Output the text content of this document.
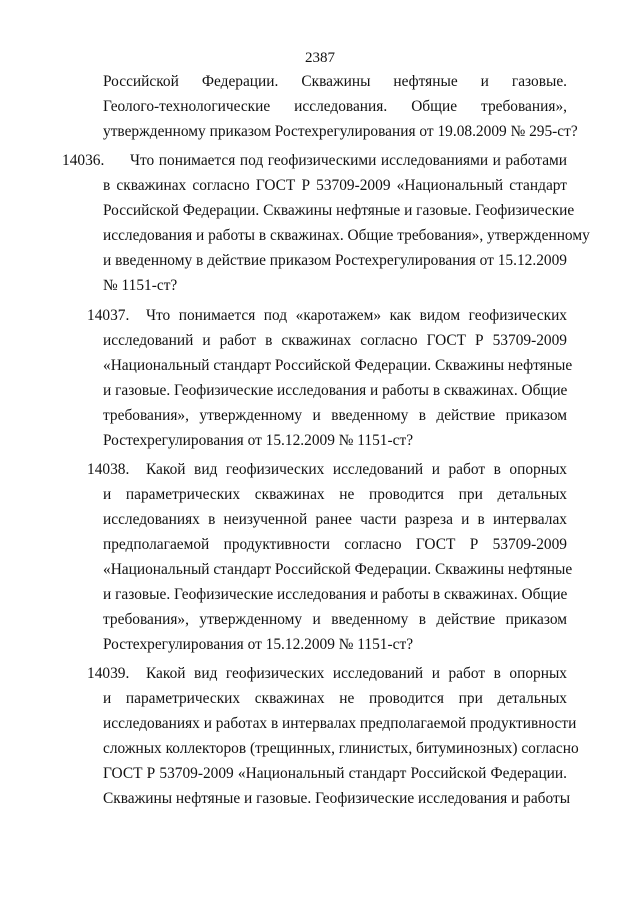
2387
Российской Федерации. Скважины нефтяные и газовые.
Геолого-технологические исследования. Общие требования»,
утвержденному приказом Ростехрегулирования от 19.08.2009 № 295-ст?
14036. Что понимается под геофизическими исследованиями и работами
в скважинах согласно ГОСТ Р 53709-2009 «Национальный стандарт
Российской Федерации. Скважины нефтяные и газовые. Геофизические
исследования и работы в скважинах. Общие требования», утвержденному
и введенному в действие приказом Ростехрегулирования от 15.12.2009
№ 1151-ст?
14037. Что понимается под «каротажем» как видом геофизических
исследований и работ в скважинах согласно ГОСТ Р 53709-2009
«Национальный стандарт Российской Федерации. Скважины нефтяные
и газовые. Геофизические исследования и работы в скважинах. Общие
требования», утвержденному и введенному в действие приказом
Ростехрегулирования от 15.12.2009 № 1151-ст?
14038. Какой вид геофизических исследований и работ в опорных
и параметрических скважинах не проводится при детальных
исследованиях в неизученной ранее части разреза и в интервалах
предполагаемой продуктивности согласно ГОСТ Р 53709-2009
«Национальный стандарт Российской Федерации. Скважины нефтяные
и газовые. Геофизические исследования и работы в скважинах. Общие
требования», утвержденному и введенному в действие приказом
Ростехрегулирования от 15.12.2009 № 1151-ст?
14039. Какой вид геофизических исследований и работ в опорных
и параметрических скважинах не проводится при детальных
исследованиях и работах в интервалах предполагаемой продуктивности
сложных коллекторов (трещинных, глинистых, битуминозных) согласно
ГОСТ Р 53709-2009 «Национальный стандарт Российской Федерации.
Скважины нефтяные и газовые. Геофизические исследования и работы
